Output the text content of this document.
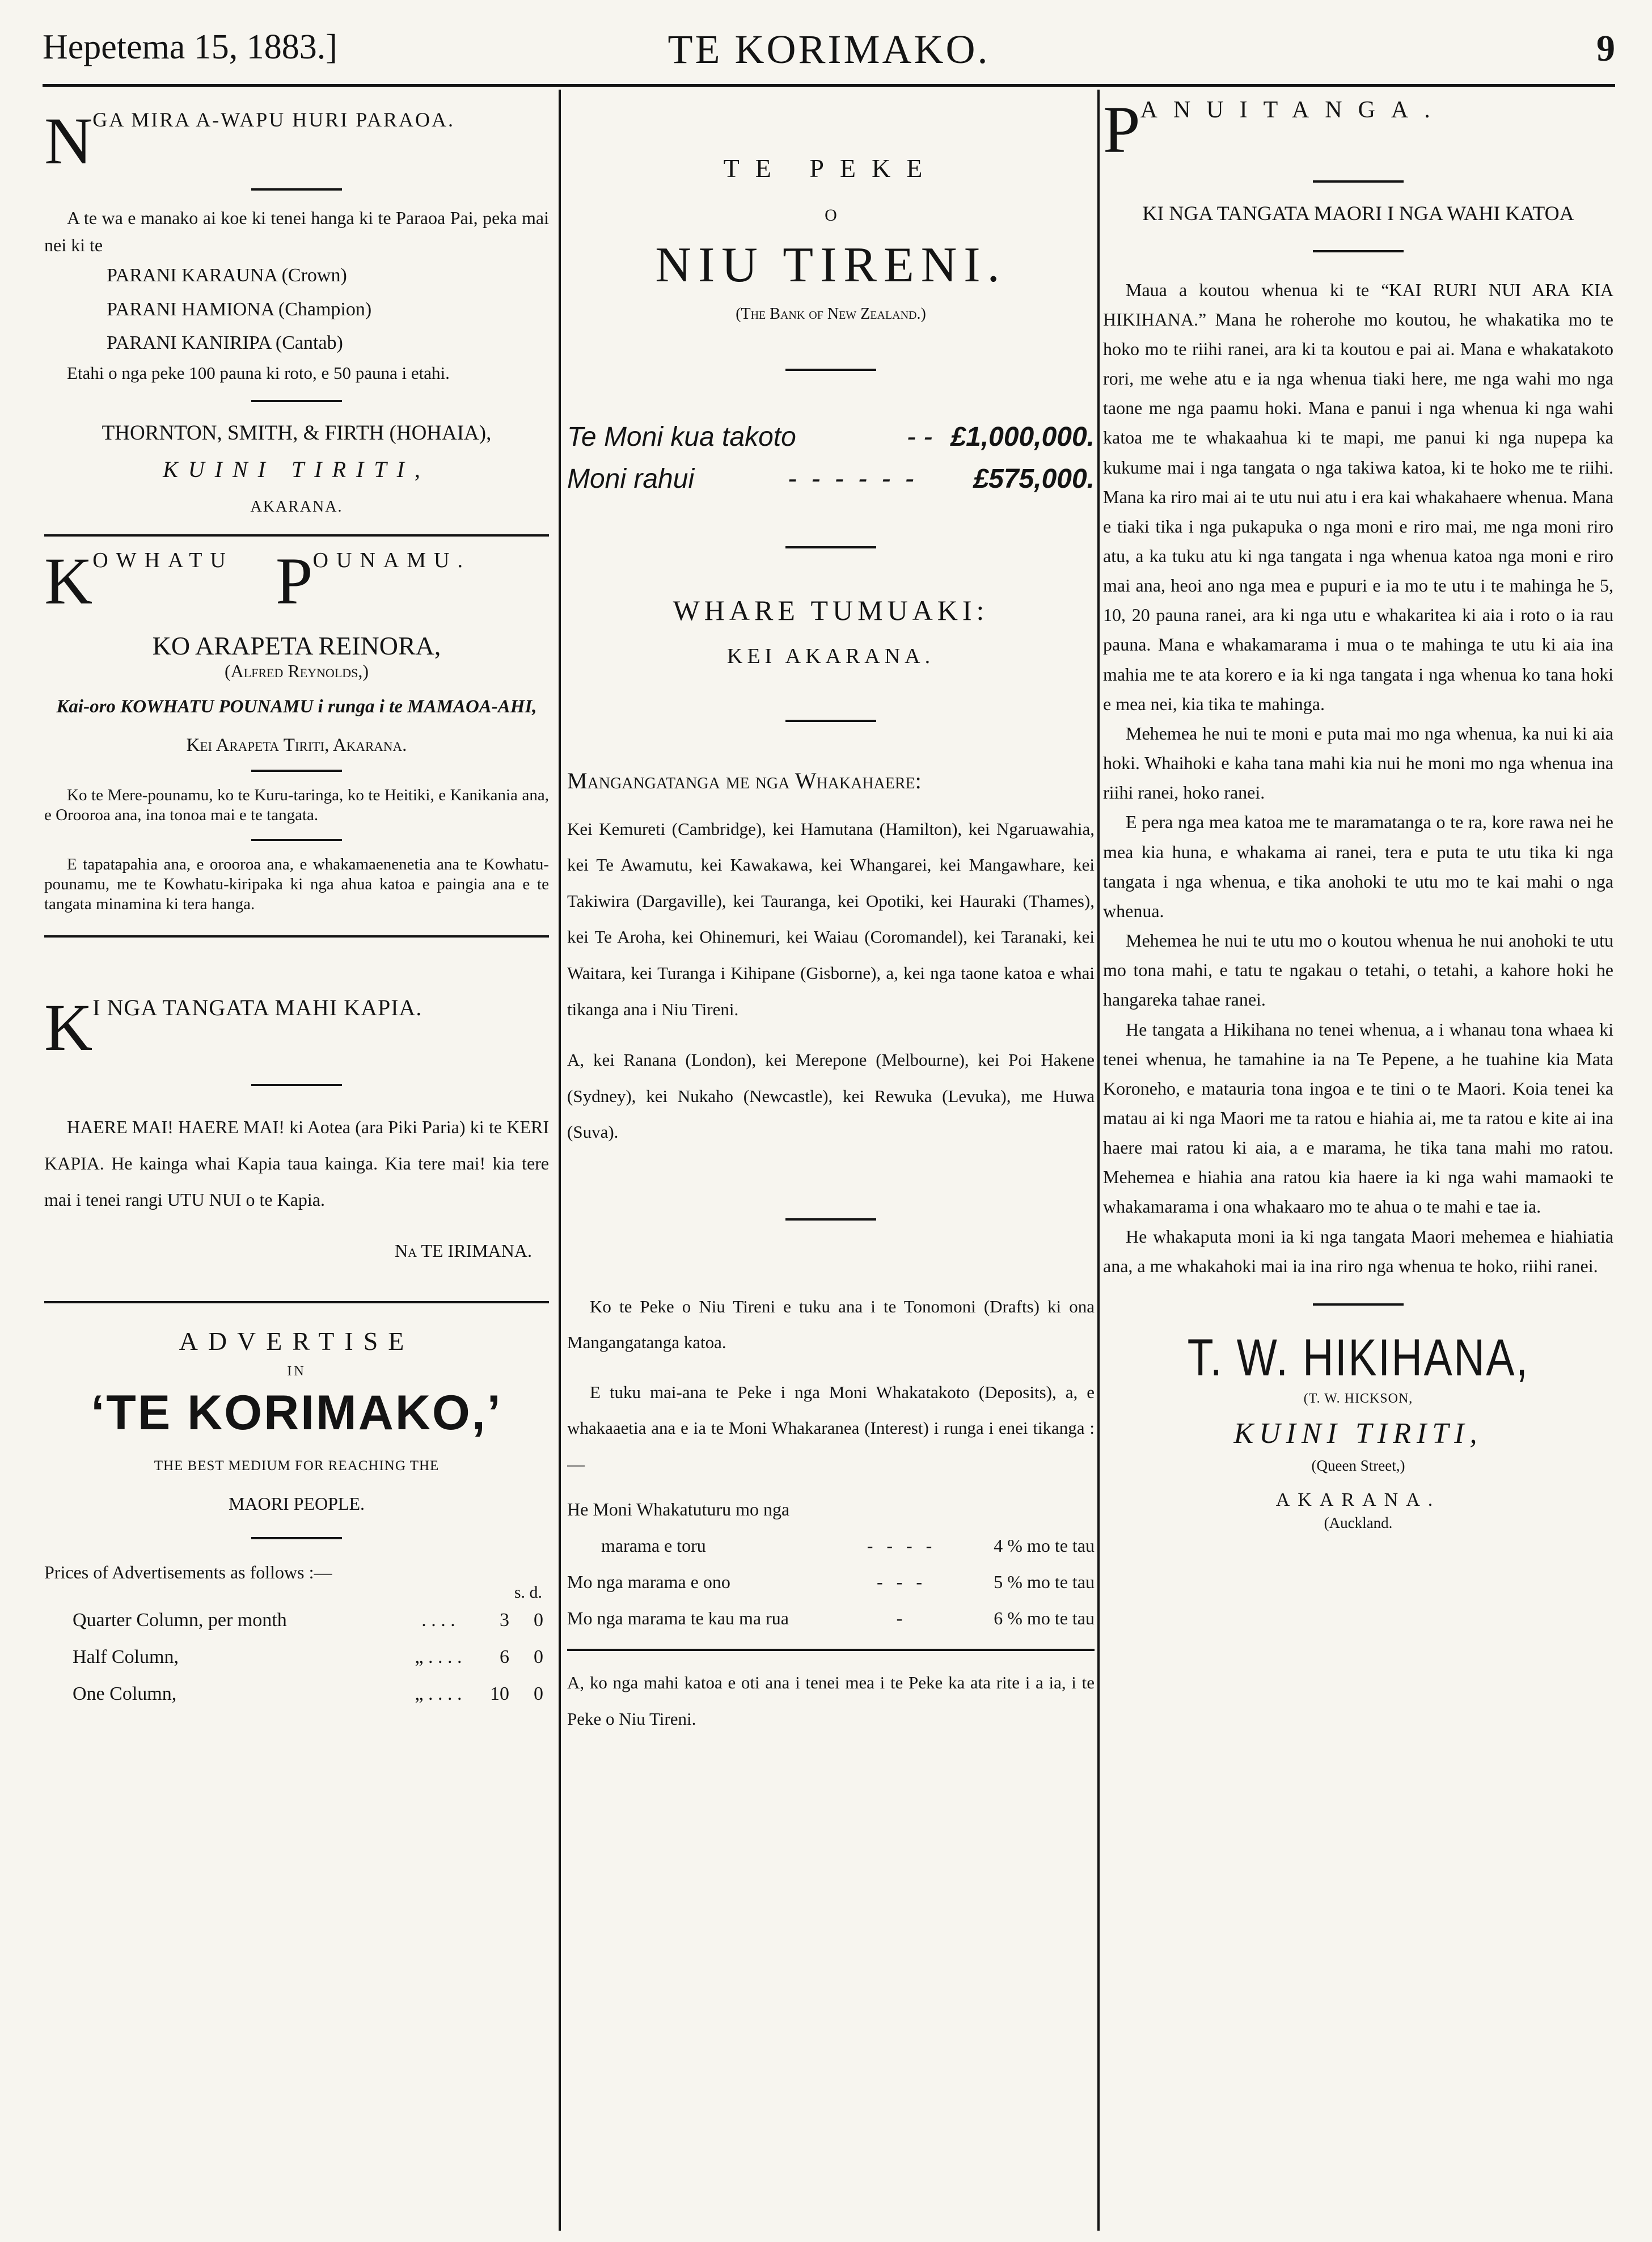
Hepetema 15, 1883.]	TE KORIMAKO.	9
NGA MIRA A-WAPU HURI PARAOA.

A te wa e manako ai koe ki tenei hanga ki te Paraoa Pai, peka mai nei ki te

PARANI KARAUNA (Crown)
PARANI HAMIONA (Champion)
PARANI KANIRIPA (Cantab)

Etahi o nga peke 100 pauna ki roto, e 50 pauna i etahi.

THORNTON, SMITH, & FIRTH (HOHAIA),
KUINI TIRITI,
AKARANA.
KOWHATU POUNAMU.
KO ARAPETA REINORA,
(Alfred Reynolds,)
Kai-oro KOWHATU POUNAMU i runga i te MAMAOA-AHI,
Kei Arapeta Tiriti, Akarana.

Ko te Mere-pounamu, ko te Kuru-taringa, ko te Heitiki, e Kanikania ana, e Orooroa ana, ina tonoa mai e te tangata.

E tapatapahia ana, e orooroa ana, e whakamaenenetia ana te Kowhatu-pounamu, me te Kowhatu-kiripaka ki nga ahua katoa e paingia ana e te tangata minamina ki tera hanga.

KI NGA TANGATA MAHI KAPIA.

HAERE MAI! HAERE MAI! ki Aotea (ara Piki Paria) ki te KERI KAPIA. He kainga whai Kapia taua kainga. Kia tere mai! kia tere mai i tenei rangi UTU NUI o te Kapia.

Na TE IRIMANA.
ADVERTISE
IN
‘TE KORIMAKO,’
THE BEST MEDIUM FOR REACHING THE
MAORI PEOPLE.
Prices of Advertisements as follows :—
s. d.
Quarter Column, per month	. . . .	3	0
Half Column,	„ . . . .	6	0
One Column,	„ . . . .	10	0
TE PEKE
O
NIU TIRENI.
(The Bank of New Zealand.)
Te Moni kua takoto	- - £1,000,000.
Moni rahui	- - - - - -	£575,000.
WHARE TUMUAKI:
KEI AKARANA.
Mangangatanga me nga Whakahaere:

Kei Kemureti (Cambridge), kei Hamutana (Hamilton), kei Ngaruawahia, kei Te Awamutu, kei Kawakawa, kei Whangarei, kei Mangawhare, kei Takiwira (Dargaville), kei Tauranga, kei Opotiki, kei Hauraki (Thames), kei Te Aroha, kei Ohinemuri, kei Waiau (Coromandel), kei Taranaki, kei Waitara, kei Turanga i Kihipane (Gisborne), a, kei nga taone katoa e whai tikanga ana i Niu Tireni.

A, kei Ranana (London), kei Merepone (Melbourne), kei Poi Hakene (Sydney), kei Nukaho (Newcastle), kei Rewuka (Levuka), me Huwa (Suva).

Ko te Peke o Niu Tireni e tuku ana i te Tonomoni (Drafts) ki ona Mangangatanga katoa.

E tuku mai-ana te Peke i nga Moni Whakatakoto (Deposits), a, e whakaaetia ana e ia te Moni Whakaranea (Interest) i runga i enei tikanga :—

He Moni Whakatuturu mo nga
marama e toru	- - - -	4 % mo te tau
Mo nga marama e ono	- - -	5 % mo te tau
Mo nga marama te kau ma rua	-	6 % mo te tau

A, ko nga mahi katoa e oti ana i tenei mea i te Peke ka ata rite i a ia, i te Peke o Niu Tireni.

PANUITANGA.
KI NGA TANGATA MAORI I NGA WAHI KATOA

Maua a koutou whenua ki te “KAI RURI NUI ARA KIA HIKIHANA.” Mana he roherohe mo koutou, he whakatika mo te hoko mo te riihi ranei, ara ki ta koutou e pai ai. Mana e whakatakoto rori, me wehe atu e ia nga whenua tiaki here, me nga wahi mo nga taone me nga paamu hoki. Mana e panui i nga whenua ki nga wahi katoa me te whakaahua ki te mapi, me panui ki nga nupepa ka kukume mai i nga tangata o nga takiwa katoa, ki te hoko me te riihi. Mana ka riro mai ai te utu nui atu i era kai whakahaere whenua. Mana e tiaki tika i nga pukapuka o nga moni e riro mai, me nga moni riro atu, a ka tuku atu ki nga tangata i nga whenua katoa nga moni e riro mai ana, heoi ano nga mea e pupuri e ia mo te utu i te mahinga he 5, 10, 20 pauna ranei, ara ki nga utu e whakaritea ki aia i roto o ia rau pauna. Mana e whakamarama i mua o te mahinga te utu ki aia ina mahia me te ata korero e ia ki nga tangata i nga whenua ko tana hoki e mea nei, kia tika te mahinga.

Mehemea he nui te moni e puta mai mo nga whenua, ka nui ki aia hoki. Whaihoki e kaha tana mahi kia nui he moni mo nga whenua ina riihi ranei, hoko ranei.

E pera nga mea katoa me te maramatanga o te ra, kore rawa nei he mea kia huna, e whakama ai ranei, tera e puta te utu tika ki nga tangata i nga whenua, e tika anohoki te utu mo te kai mahi o nga whenua.

Mehemea he nui te utu mo o koutou whenua he nui anohoki te utu mo tona mahi, e tatu te ngakau o tetahi, o tetahi, a kahore hoki he hangareka tahae ranei.

He tangata a Hikihana no tenei whenua, a i whanau tona whaea ki tenei whenua, he tamahine ia na Te Pepene, a he tuahine kia Mata Koroneho, e matauria tona ingoa e te tini o te Maori. Koia tenei ka matau ai ki nga Maori me ta ratou e hiahia ai, me ta ratou e kite ai ina haere mai ratou ki aia, a e marama, he tika tana mahi mo ratou. Mehemea e hiahia ana ratou kia haere ia ki nga wahi mamaoki te whakamarama i ona whakaaro mo te ahua o te mahi e tae ia.

He whakaputa moni ia ki nga tangata Maori mehemea e hiahiatia ana, a me whakahoki mai ia ina riro nga whenua te hoko, riihi ranei.

T. W. HIKIHANA,
(T. W. HICKSON,
KUINI TIRITI,
(Queen Street,)
AKARANA.
(Auckland.
